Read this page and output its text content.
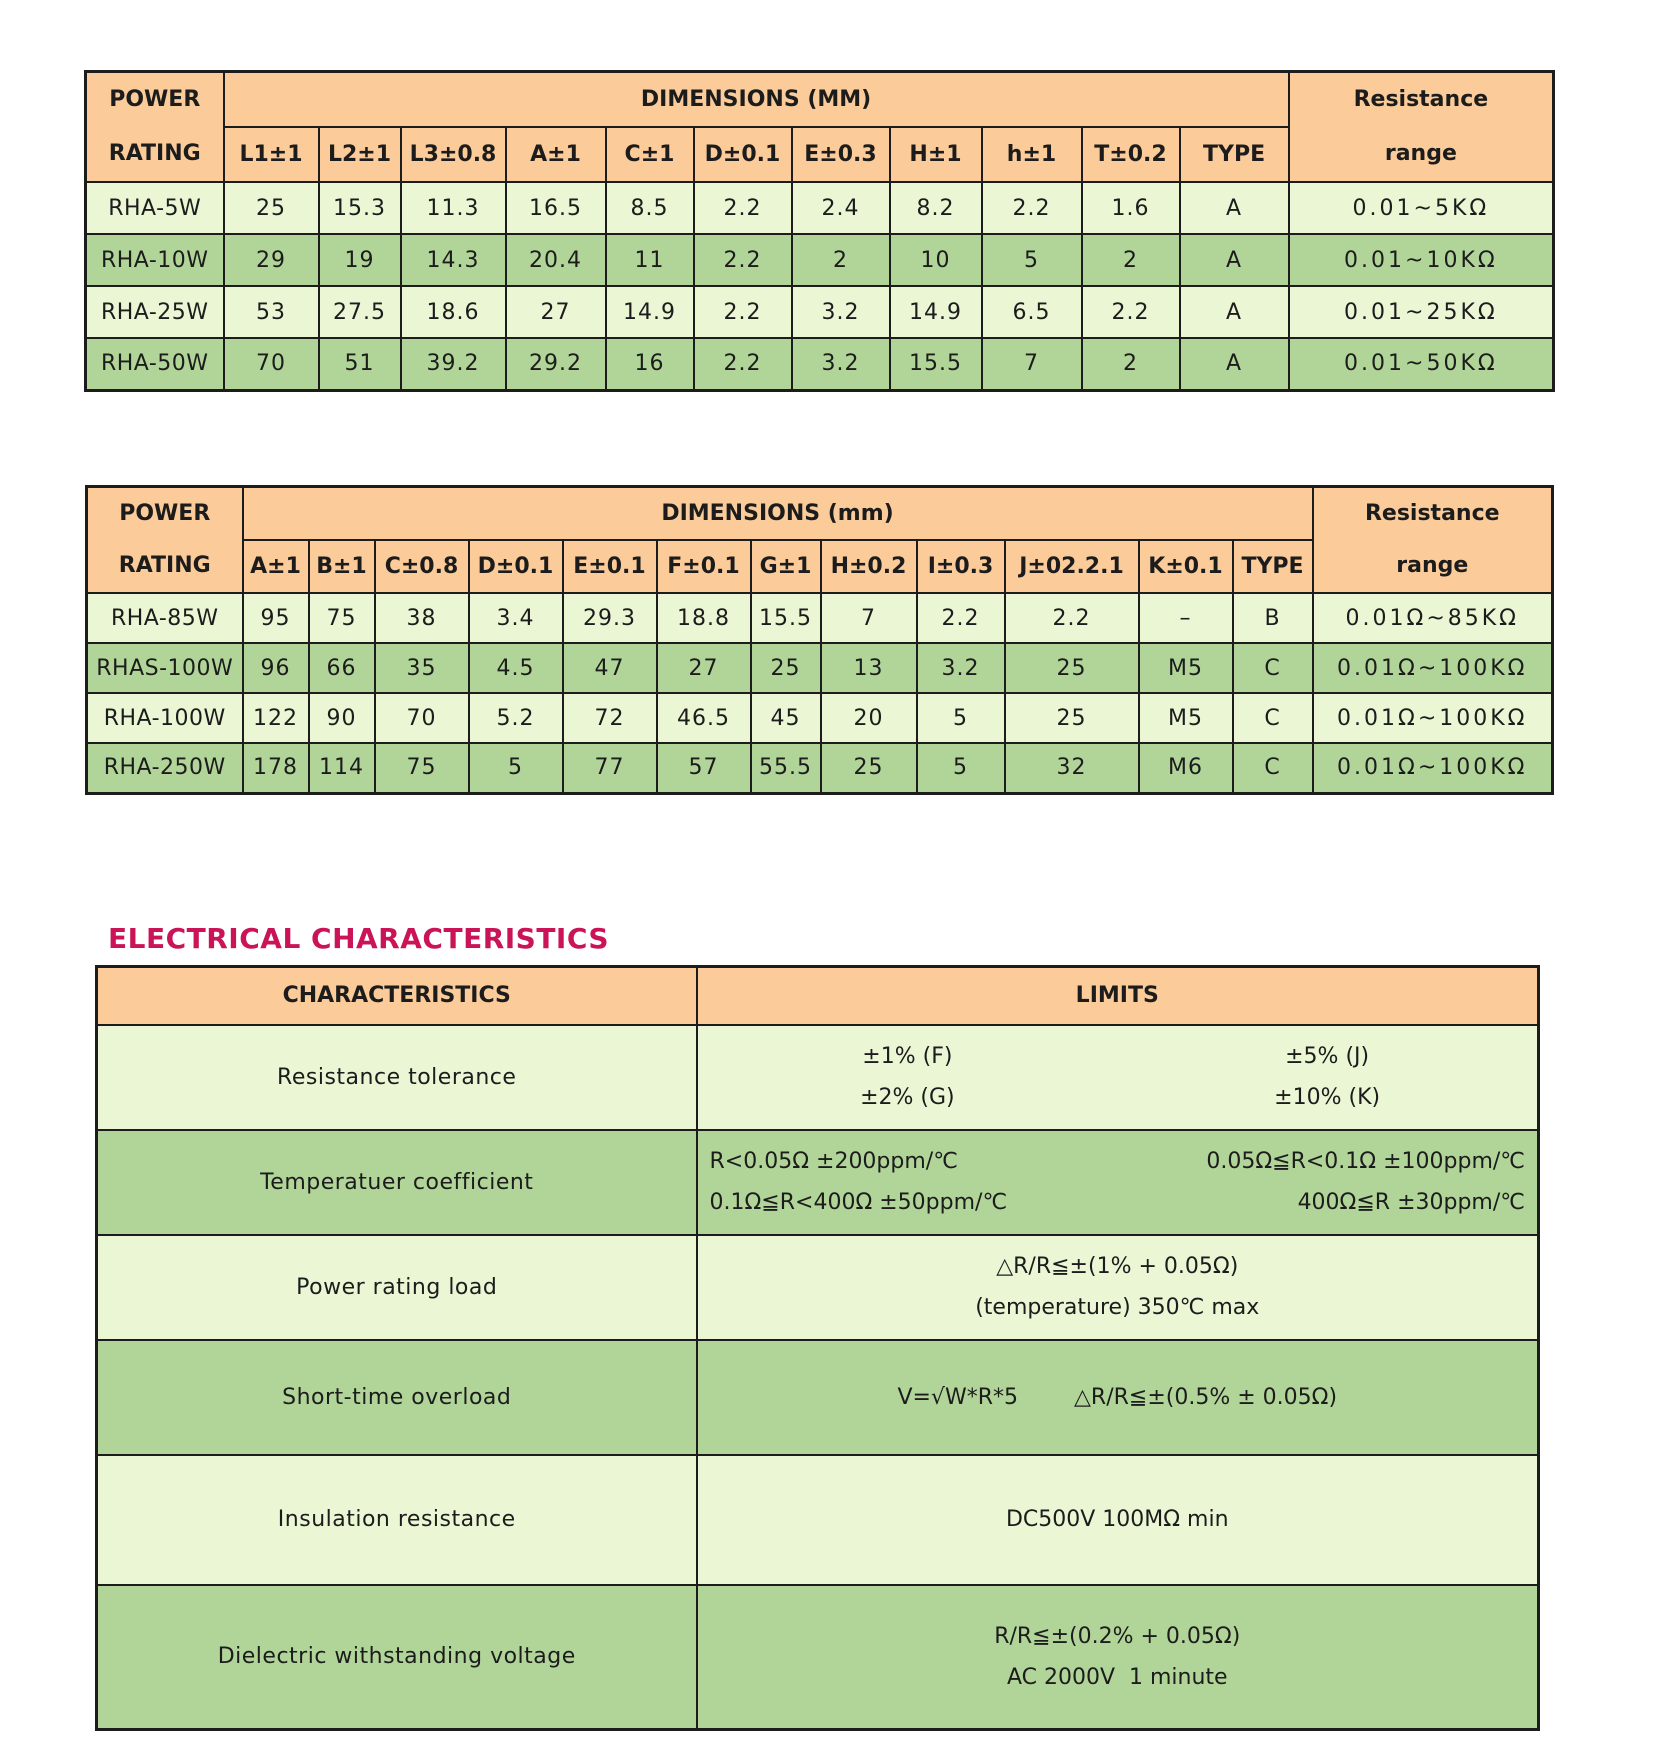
POWER
RATING
	DIMENSIONS (MM)	Resistance
range

	L1±1	L2±1	L3±0.8	A±1	C±1	D±0.1	E±0.3	H±1	h±1	T±0.2	TYPE	
RHA-5W	25	15.3	11.3	16.5	8.5	2.2	2.4	8.2	2.2	1.6	A	0.01~5KΩ
RHA-10W	29	19	14.3	20.4	11	2.2	2	10	5	2	A	0.01~10KΩ
RHA-25W	53	27.5	18.6	27	14.9	2.2	3.2	14.9	6.5	2.2	A	0.01~25KΩ
RHA-50W	70	51	39.2	29.2	16	2.2	3.2	15.5	7	2	A	0.01~50KΩ
POWER
RATING
	DIMENSIONS (mm)	Resistance
range

	A±1	B±1	C±0.8	D±0.1	E±0.1	F±0.1	G±1	H±0.2	I±0.3	J±02.2.1	K±0.1	TYPE	
RHA-85W	95	75	38	3.4	29.3	18.8	15.5	7	2.2	2.2	–	B	0.01Ω~85KΩ
RHAS-100W	96	66	35	4.5	47	27	25	13	3.2	25	M5	C	0.01Ω~100KΩ
RHA-100W	122	90	70	5.2	72	46.5	45	20	5	25	M5	C	0.01Ω~100KΩ
RHA-250W	178	114	75	5	77	57	55.5	25	5	32	M6	C	0.01Ω~100KΩ
ELECTRICAL CHARACTERISTICS
CHARACTERISTICS	LIMITS
Resistance tolerance	±1% (F) ±5% (J)
±2% (G) ±10% (K)

Temperatuer coefficient	R<0.05Ω ±200ppm/℃ 0.05Ω≦R<0.1Ω ±100ppm/℃
0.1Ω≦R<400Ω ±50ppm/℃ 400Ω≦R ±30ppm/℃

Power rating load	△R/R≦±(1% + 0.05Ω)
(temperature) 350℃ max

Short-time overload	V=√W*R*5 △R/R≦±(0.5% ± 0.05Ω)

Insulation resistance	DC500V 100MΩ min

Dielectric withstanding voltage	R/R≦±(0.2% + 0.05Ω)
AC 2000V  1 minute
